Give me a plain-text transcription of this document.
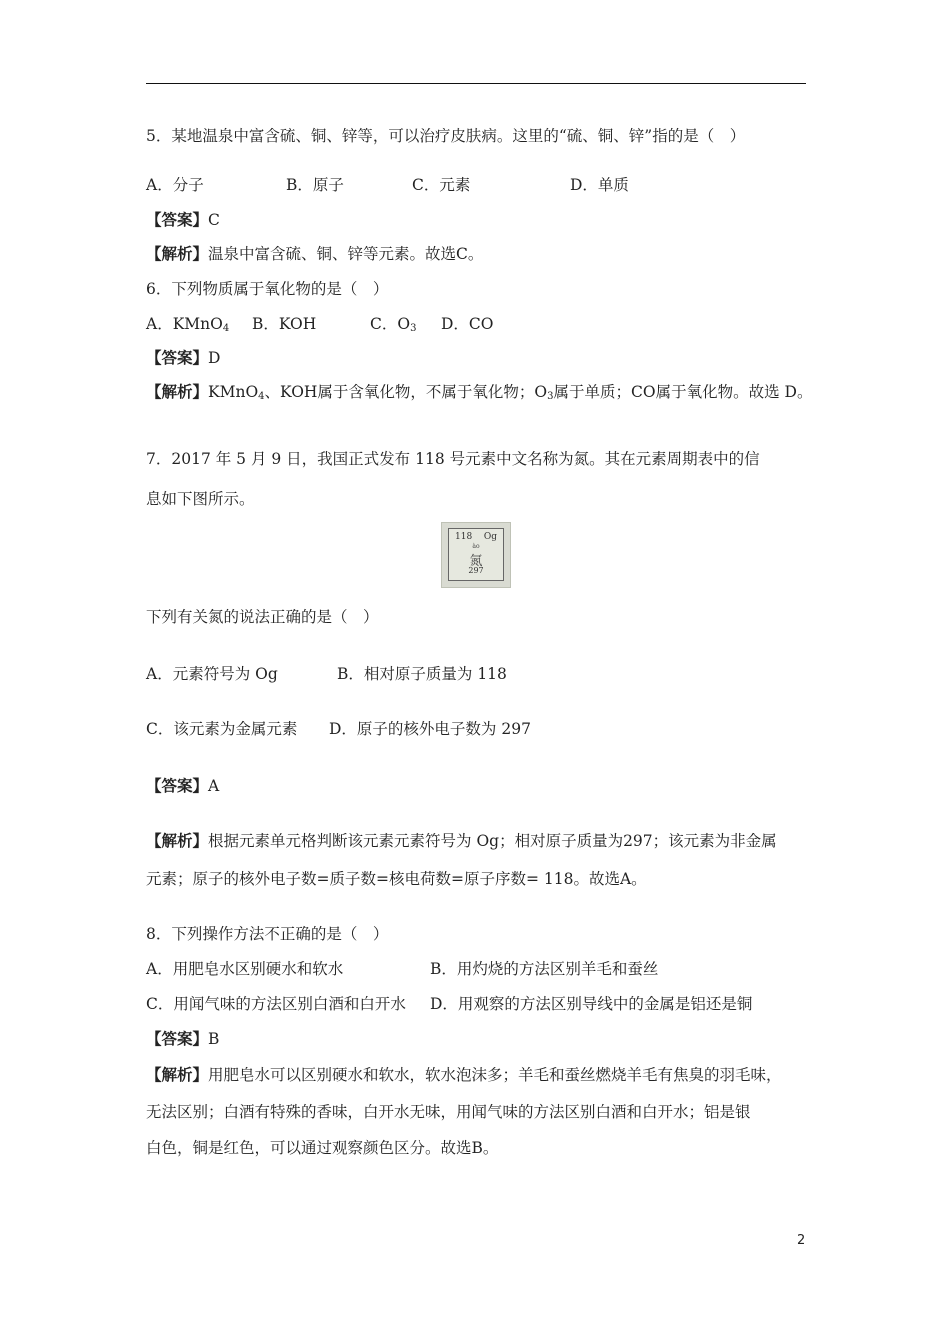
5．某地温泉中富含硫、铜、锌等，可以治疗皮肤病。这里的“硫、铜、锌”指的是（　）
A．分子	B．原子	C．元素	D．单质
【答案】C
【解析】温泉中富含硫、铜、锌等元素。故选C。
6．下列物质属于氧化物的是（　）
A．KMnO$_4$ B．KOH	C．$O_3$ D．CO
【答案】D
【解析】KMnO$_4$、KOH属于含氧化物，不属于氧化物；$O_3$属于单质；CO属于氧化物。故选 D。
7．2017 年 5 月 9 日，我国正式发布 118 号元素中文名称为氮。其在元素周期表中的信
息如下图所示。
118 Og
ào
氮
297
下列有关氮的说法正确的是（　）
A．元素符号为 Og	B．相对原子质量为 118
C．该元素为金属元素 D．原子的核外电子数为 297
【答案】A
【解析】根据元素单元格判断该元素元素符号为 Og；相对原子质量为297；该元素为非金属
元素；原子的核外电子数=质子数=核电荷数=原子序数= 118。故选A。
8．下列操作方法不正确的是（　）
A．用肥皂水区别硬水和软水	B．用灼烧的方法区别羊毛和蚕丝
C．用闻气味的方法区别白酒和白开水 D．用观察的方法区别导线中的金属是铝还是铜
【答案】B
【解析】用肥皂水可以区别硬水和软水，软水泡沫多；羊毛和蚕丝燃烧羊毛有焦臭的羽毛味，
无法区别；白酒有特殊的香味，白开水无味，用闻气味的方法区别白酒和白开水；铝是银
白色，铜是红色，可以通过观察颜色区分。故选B。
2
